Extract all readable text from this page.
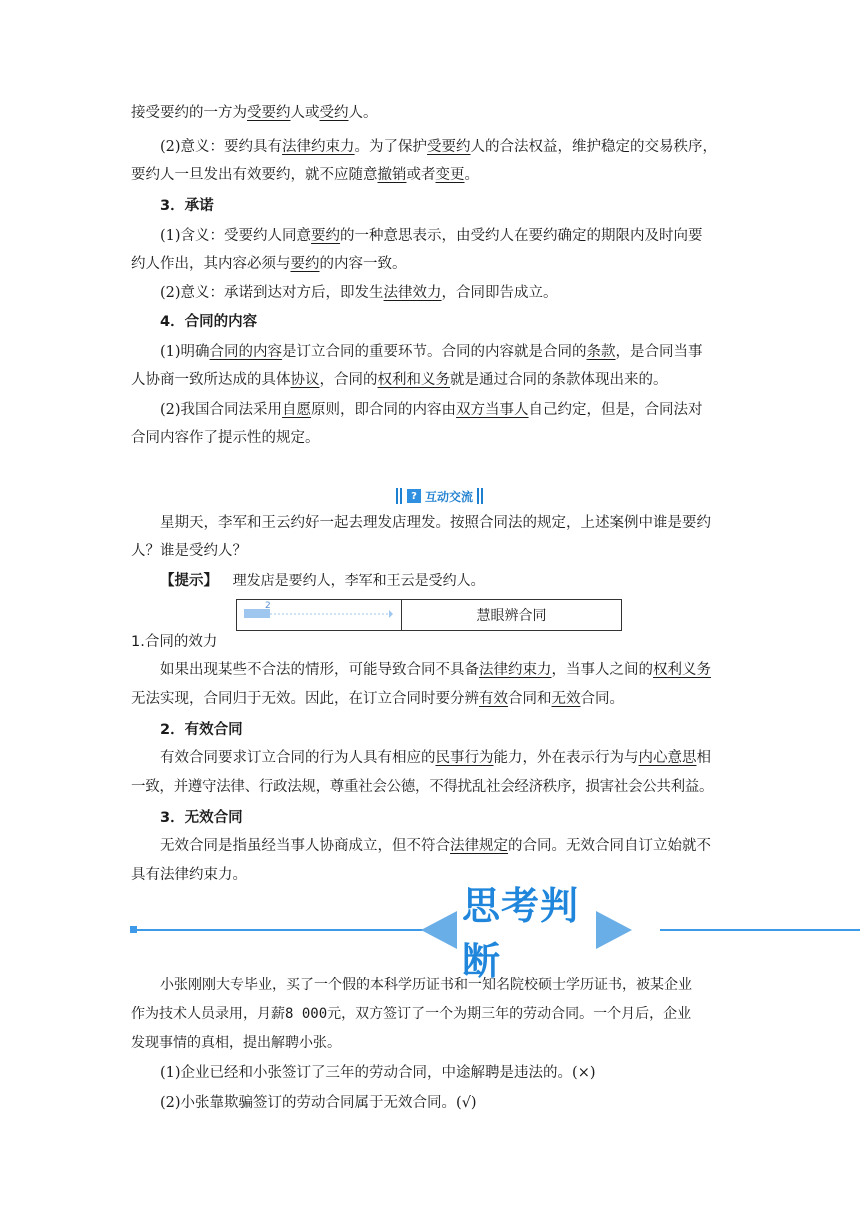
接受要约的一方为受要约人或受约人。
(2)意义：要约具有法律约束力。为了保护受要约人的合法权益，维护稳定的交易秩序，
要约人一旦发出有效要约，就不应随意撤销或者变更。
3．承诺
(1)含义：受要约人同意要约的一种意思表示，由受约人在要约确定的期限内及时向要
约人作出，其内容必须与要约的内容一致。
(2)意义：承诺到达对方后，即发生法律效力，合同即告成立。
4．合同的内容
(1)明确合同的内容是订立合同的重要环节。合同的内容就是合同的条款，是合同当事
人协商一致所达成的具体协议，合同的权利和义务就是通过合同的条款体现出来的。
(2)我国合同法采用自愿原则，即合同的内容由双方当事人自己约定，但是，合同法对
合同内容作了提示性的规定。
? 互动交流
星期天，李军和王云约好一起去理发店理发。按照合同法的规定，上述案例中谁是要约
人？谁是受约人？
【提示】 理发店是要约人，李军和王云是受约人。
2
慧眼辨合同
1.合同的效力
如果出现某些不合法的情形，可能导致合同不具备法律约束力，当事人之间的权利义务
无法实现，合同归于无效。因此，在订立合同时要分辨有效合同和无效合同。
2．有效合同
有效合同要求订立合同的行为人具有相应的民事行为能力，外在表示行为与内心意思相
一致，并遵守法律、行政法规，尊重社会公德，不得扰乱社会经济秩序，损害社会公共利益。
3．无效合同
无效合同是指虽经当事人协商成立，但不符合法律规定的合同。无效合同自订立始就不
具有法律约束力。
思考判断
小张刚刚大专毕业，买了一个假的本科学历证书和一知名院校硕士学历证书，被某企业
作为技术人员录用，月薪8 000元，双方签订了一个为期三年的劳动合同。一个月后，企业
发现事情的真相，提出解聘小张。
(1)企业已经和小张签订了三年的劳动合同，中途解聘是违法的。(×)
(2)小张靠欺骗签订的劳动合同属于无效合同。(√)
